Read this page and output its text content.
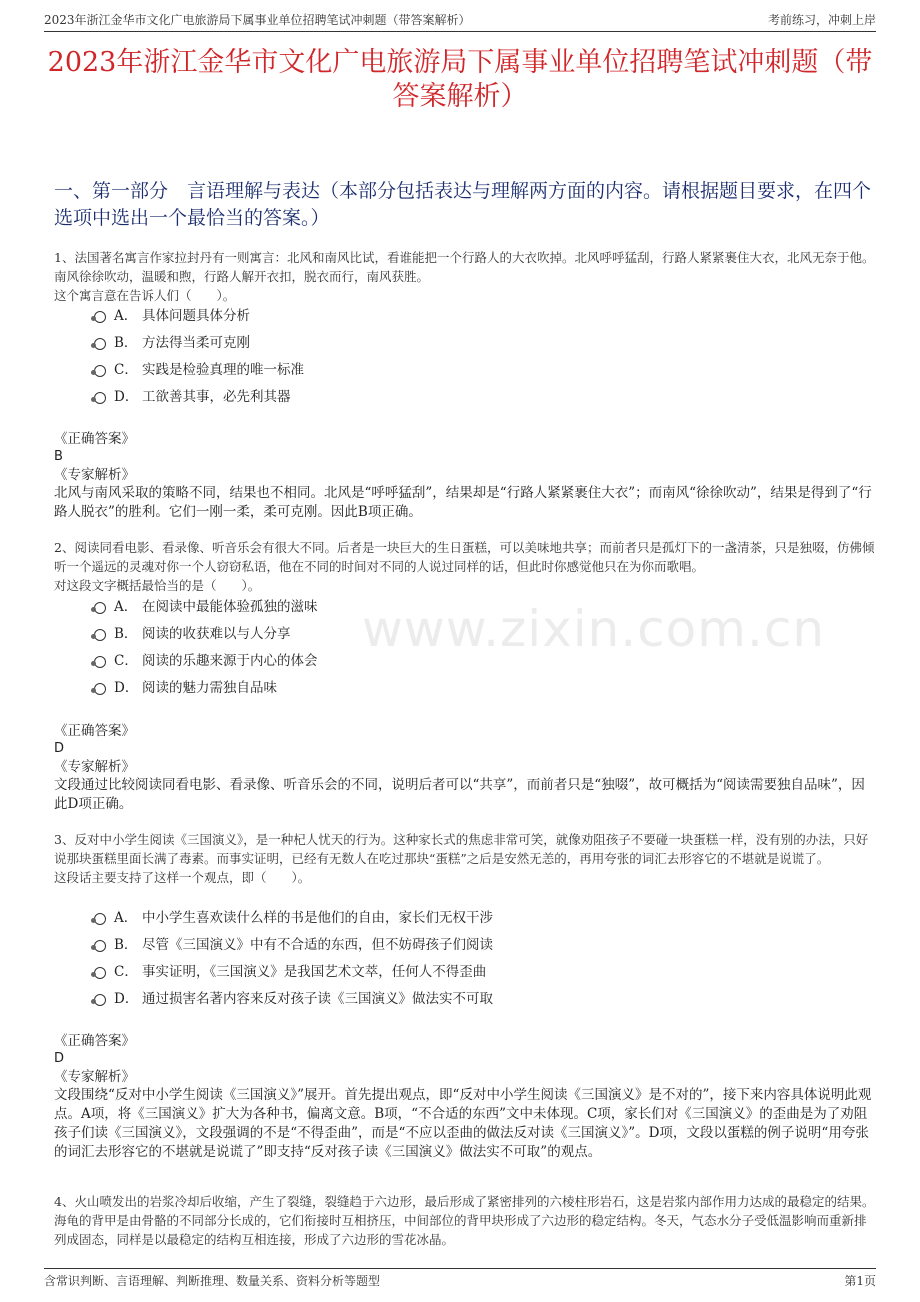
2023年浙江金华市文化广电旅游局下属事业单位招聘笔试冲刺题（带答案解析）	考前练习，冲刺上岸
2023年浙江金华市文化广电旅游局下属事业单位招聘笔试冲刺题（带答案解析）
一、第一部分　言语理解与表达（本部分包括表达与理解两方面的内容。请根据题目要求，在四个选项中选出一个最恰当的答案。）
www.zixin.com.cn
1、法国著名寓言作家拉封丹有一则寓言：北风和南风比试，看谁能把一个行路人的大衣吹掉。北风呼呼猛刮，行路人紧紧裹住大衣，北风无奈于他。南风徐徐吹动，温暖和煦，行路人解开衣扣，脱衣而行，南风获胜。
这个寓言意在告诉人们（　　）。
A． 具体问题具体分析
B． 方法得当柔可克刚
C． 实践是检验真理的唯一标准
D． 工欲善其事，必先利其器
《正确答案》
B
《专家解析》
北风与南风采取的策略不同，结果也不相同。北风是“呼呼猛刮”，结果却是“行路人紧紧裹住大衣”；而南风“徐徐吹动”，结果是得到了“行路人脱衣”的胜利。它们一刚一柔，柔可克刚。因此B项正确。
2、阅读同看电影、看录像、听音乐会有很大不同。后者是一块巨大的生日蛋糕，可以美味地共享；而前者只是孤灯下的一盏清茶，只是独啜，仿佛倾听一个遥远的灵魂对你一个人窃窃私语，他在不同的时间对不同的人说过同样的话，但此时你感觉他只在为你而歌唱。
对这段文字概括最恰当的是（　　）。
A． 在阅读中最能体验孤独的滋味
B． 阅读的收获难以与人分享
C． 阅读的乐趣来源于内心的体会
D． 阅读的魅力需独自品味
《正确答案》
D
《专家解析》
文段通过比较阅读同看电影、看录像、听音乐会的不同，说明后者可以“共享”，而前者只是“独啜”，故可概括为“阅读需要独自品味”，因此D项正确。
3、反对中小学生阅读《三国演义》，是一种杞人忧天的行为。这种家长式的焦虑非常可笑，就像劝阻孩子不要碰一块蛋糕一样，没有别的办法，只好说那块蛋糕里面长满了毒素。而事实证明，已经有无数人在吃过那块“蛋糕”之后是安然无恙的，再用夸张的词汇去形容它的不堪就是说谎了。
这段话主要支持了这样一个观点，即（　　）。
A． 中小学生喜欢读什么样的书是他们的自由，家长们无权干涉
B． 尽管《三国演义》中有不合适的东西，但不妨碍孩子们阅读
C． 事实证明，《三国演义》是我国艺术文萃，任何人不得歪曲
D． 通过损害名著内容来反对孩子读《三国演义》做法实不可取
《正确答案》
D
《专家解析》
文段围绕“反对中小学生阅读《三国演义》”展开。首先提出观点，即“反对中小学生阅读《三国演义》是不对的”，接下来内容具体说明此观点。A项，将《三国演义》扩大为各种书，偏离文意。B项，“不合适的东西”文中未体现。C项，家长们对《三国演义》的歪曲是为了劝阻孩子们读《三国演义》，文段强调的不是“不得歪曲”，而是“不应以歪曲的做法反对读《三国演义》”。D项，文段以蛋糕的例子说明“用夸张的词汇去形容它的不堪就是说谎了”即支持“反对孩子读《三国演义》做法实不可取”的观点。
4、火山喷发出的岩浆冷却后收缩，产生了裂缝，裂缝趋于六边形，最后形成了紧密排列的六棱柱形岩石，这是岩浆内部作用力达成的最稳定的结果。海龟的背甲是由骨骼的不同部分长成的，它们衔接时互相挤压，中间部位的背甲块形成了六边形的稳定结构。冬天，气态水分子受低温影响而重新排列成固态，同样是以最稳定的结构互相连接，形成了六边形的雪花冰晶。
含常识判断、言语理解、判断推理、数量关系、资料分析等题型	第1页
